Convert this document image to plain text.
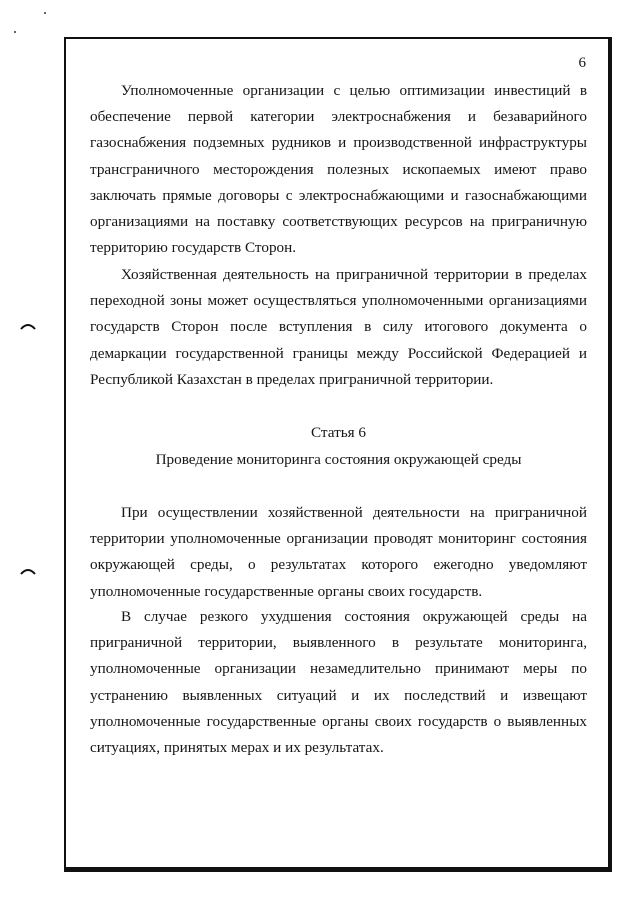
6

Уполномоченные организации с целью оптимизации инвестиций в обеспечение первой категории электроснабжения и безаварийного газоснабжения подземных рудников и производственной инфраструктуры трансграничного месторождения полезных ископаемых имеют право заключать прямые договоры с электроснабжающими и газоснабжающими организациями на поставку соответствующих ресурсов на приграничную территорию государств Сторон.

Хозяйственная деятельность на приграничной территории в пределах переходной зоны может осуществляться уполномоченными организациями государств Сторон после вступления в силу итогового документа о демаркации государственной границы между Российской Федерацией и Республикой Казахстан в пределах приграничной территории.

Статья 6
Проведение мониторинга состояния окружающей среды

При осуществлении хозяйственной деятельности на приграничной территории уполномоченные организации проводят мониторинг состояния окружающей среды, о результатах которого ежегодно уведомляют уполномоченные государственные органы своих государств.

В случае резкого ухудшения состояния окружающей среды на приграничной территории, выявленного в результате мониторинга, уполномоченные организации незамедлительно принимают меры по устранению выявленных ситуаций и их последствий и извещают уполномоченные государственные органы своих государств о выявленных ситуациях, принятых мерах и их результатах.
